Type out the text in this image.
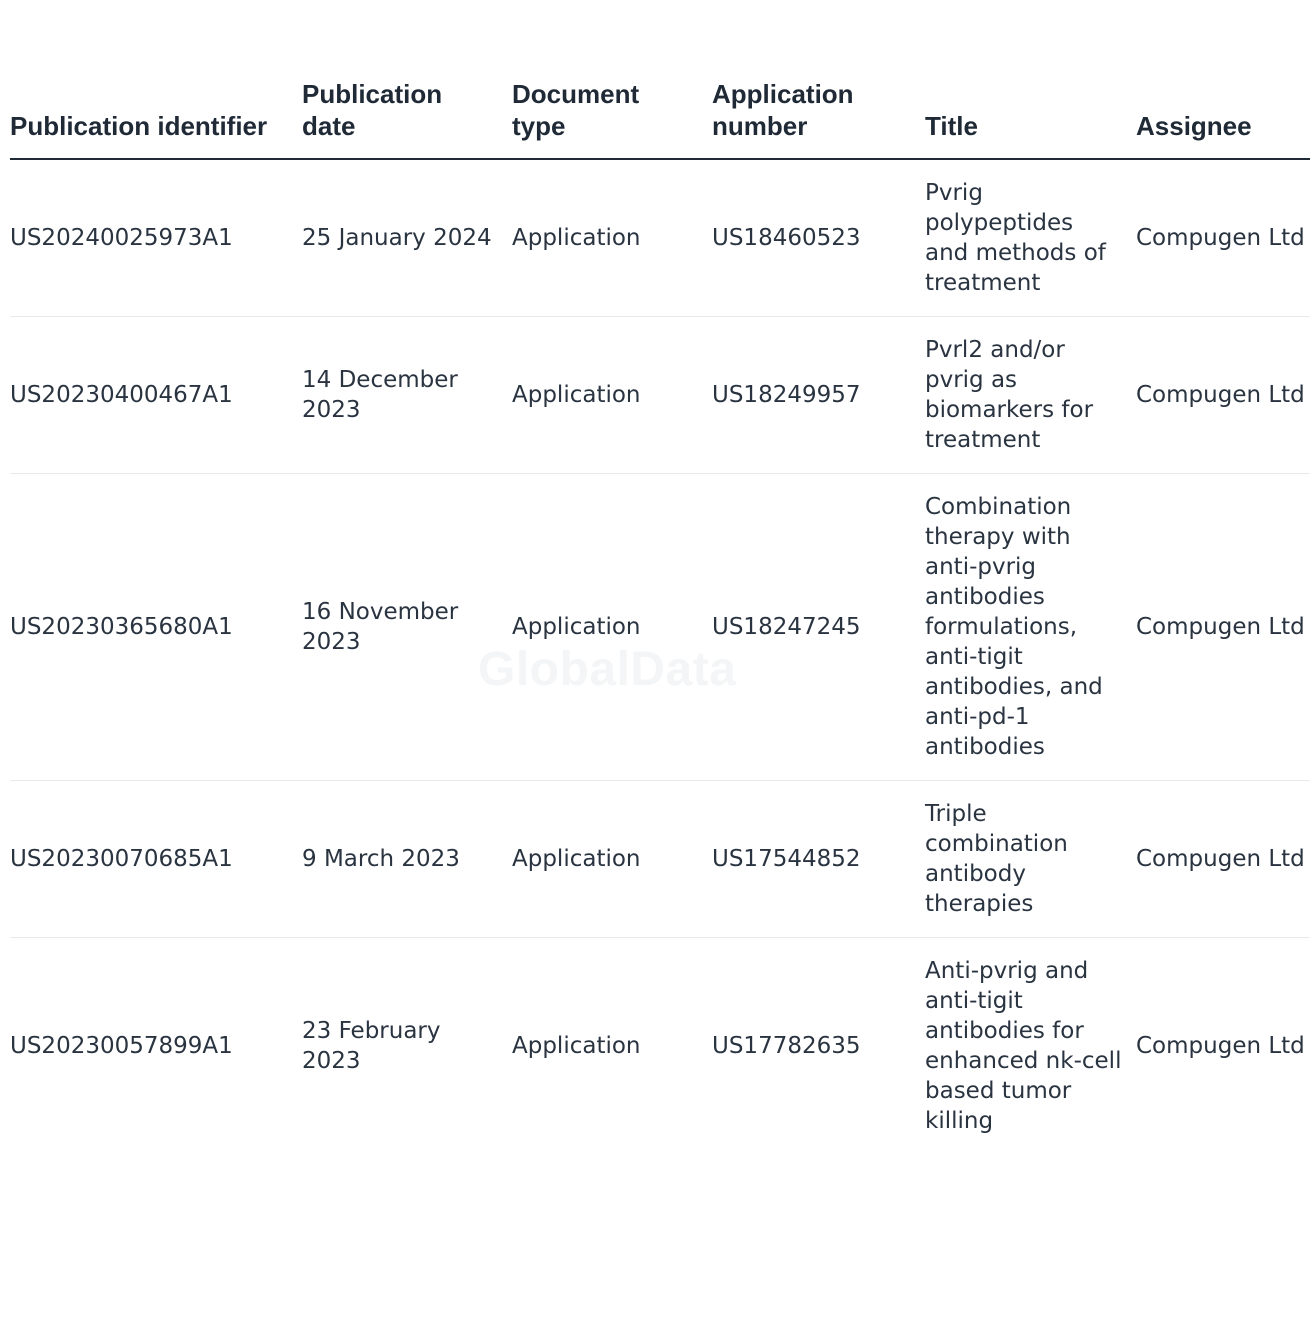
Publication identifier	Publication date	Document type	Application number	Title	Assignee
US20240025973A1	25 January 2024	Application	US18460523	Pvrig polypeptides and methods of treatment	Compugen Ltd
US20230400467A1	14 December 2023	Application	US18249957	Pvrl2 and/or pvrig as biomarkers for treatment	Compugen Ltd
US20230365680A1	16 November 2023	Application	US18247245	Combination therapy with anti-pvrig antibodies formulations, anti-tigit antibodies, and anti-pd-1 antibodies	Compugen Ltd
US20230070685A1	9 March 2023	Application	US17544852	Triple combination antibody therapies	Compugen Ltd
US20230057899A1	23 February 2023	Application	US17782635	Anti-pvrig and anti-tigit antibodies for enhanced nk-cell based tumor killing	Compugen Ltd
GlobalData
